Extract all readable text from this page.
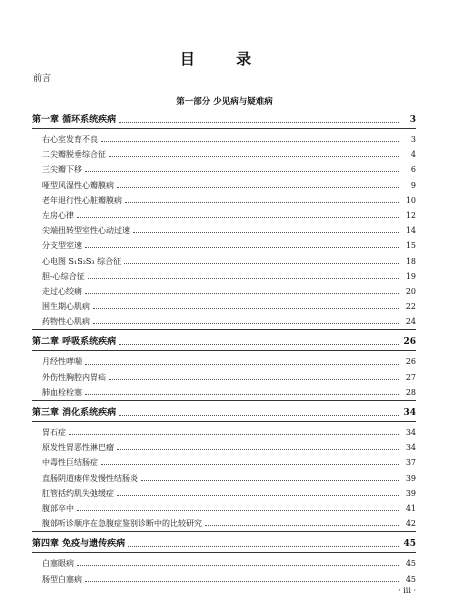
目 录
前言
第一部分 少见病与疑难病
第一章 循环系统疾病	3
右心室发育不良	3
二尖瓣脱垂综合征	4
三尖瓣下移	6
哑型风湿性心瓣膜病	9
老年退行性心脏瓣膜病	10
左房心律	12
尖端扭转型室性心动过速	14
分支型室速	15
心电图 S₁S₂S₃ 综合征	18
胆-心综合征	19
走过心绞痛	20
围生期心肌病	22
药物性心肌病	24
第二章 呼吸系统疾病	26
月经性哮喘	26
外伤性胸腔内胃疝	27
肺血栓栓塞	28
第三章 消化系统疾病	34
胃石症	34
原发性胃恶性淋巴瘤	34
中毒性巨结肠症	37
直肠阴道瘘伴发慢性结肠炎	39
肛管括约肌失弛缓症	39
腹部卒中	41
腹部听诊顺序在急腹症鉴别诊断中的比较研究	42
第四章 免疫与遗传疾病	45
白塞眼病	45
肠型白塞病	45
· iii ·
